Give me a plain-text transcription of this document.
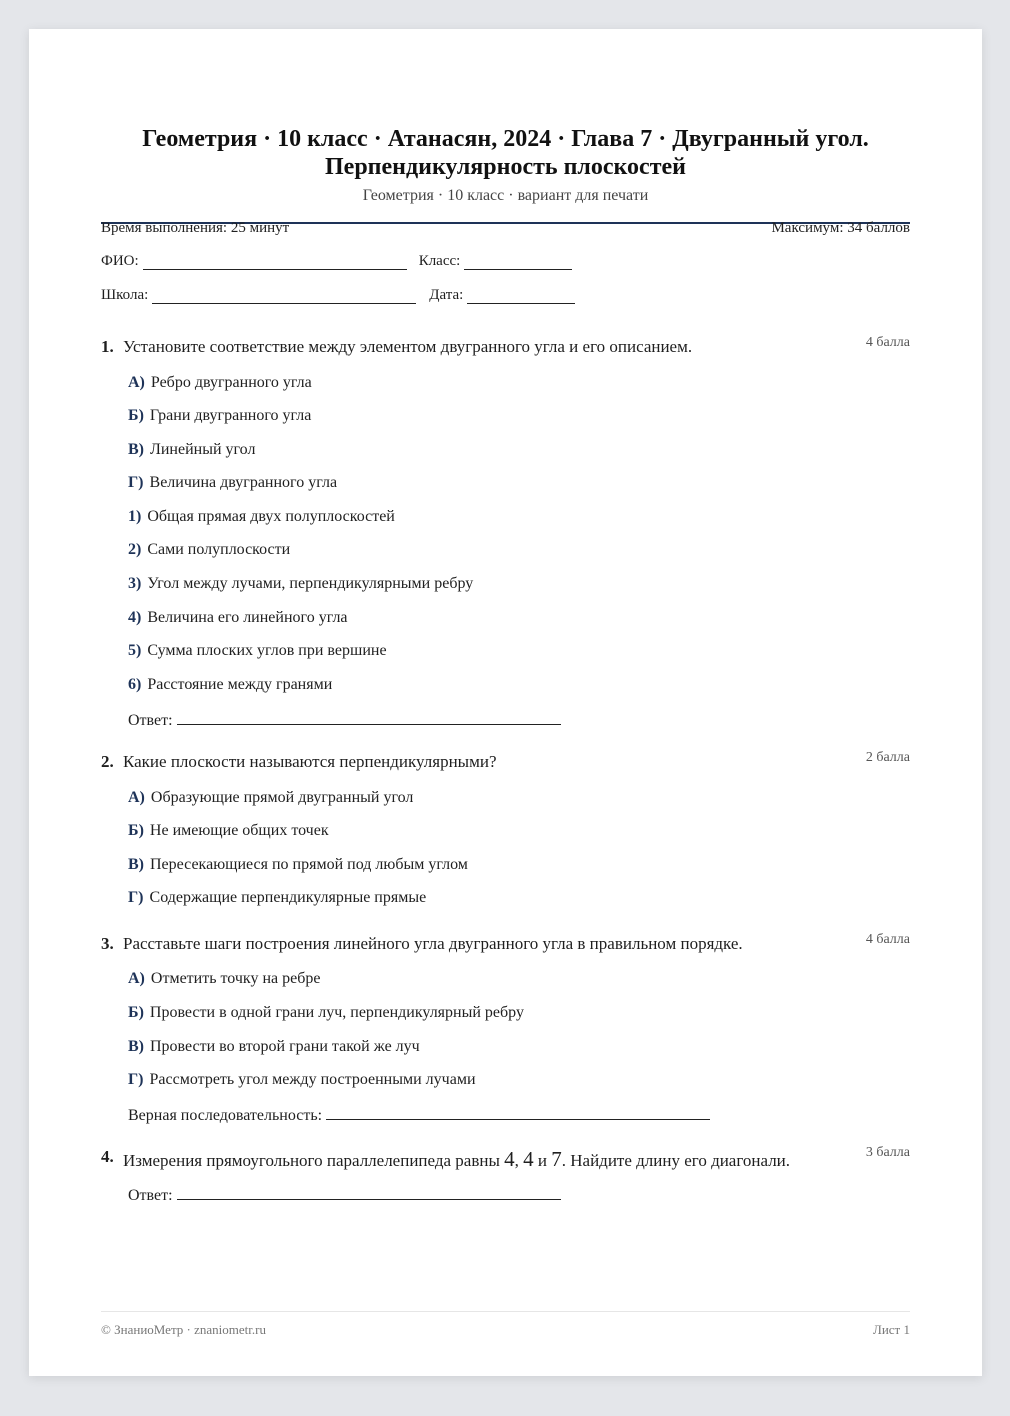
Геометрия · 10 класс · Атанасян, 2024 · Глава 7 · Двугранный угол.
Перпендикулярность плоскостей
Геометрия · 10 класс · вариант для печати
Время выполнения: 25 минут	Максимум: 34 баллов
ФИО:	Класс:
Школа:	Дата:
1. Установите соответствие между элементом двугранного угла и его описанием.	4 балла
А) Ребро двугранного угла
Б) Грани двугранного угла
В) Линейный угол
Г) Величина двугранного угла
1) Общая прямая двух полуплоскостей
2) Сами полуплоскости
3) Угол между лучами, перпендикулярными ребру
4) Величина его линейного угла
5) Сумма плоских углов при вершине
6) Расстояние между гранями
Ответ:
2. Какие плоскости называются перпендикулярными?	2 балла
А) Образующие прямой двугранный угол
Б) Не имеющие общих точек
В) Пересекающиеся по прямой под любым углом
Г) Содержащие перпендикулярные прямые
3. Расставьте шаги построения линейного угла двугранного угла в правильном порядке.	4 балла
А) Отметить точку на ребре
Б) Провести в одной грани луч, перпендикулярный ребру
В) Провести во второй грани такой же луч
Г) Рассмотреть угол между построенными лучами
Верная последовательность:
4. Измерения прямоугольного параллелепипеда равны 4, 4 и 7. Найдите длину его диагонали.	3 балла
Ответ:
© ЗнаниоМетр · znaniometr.ru	Лист 1
